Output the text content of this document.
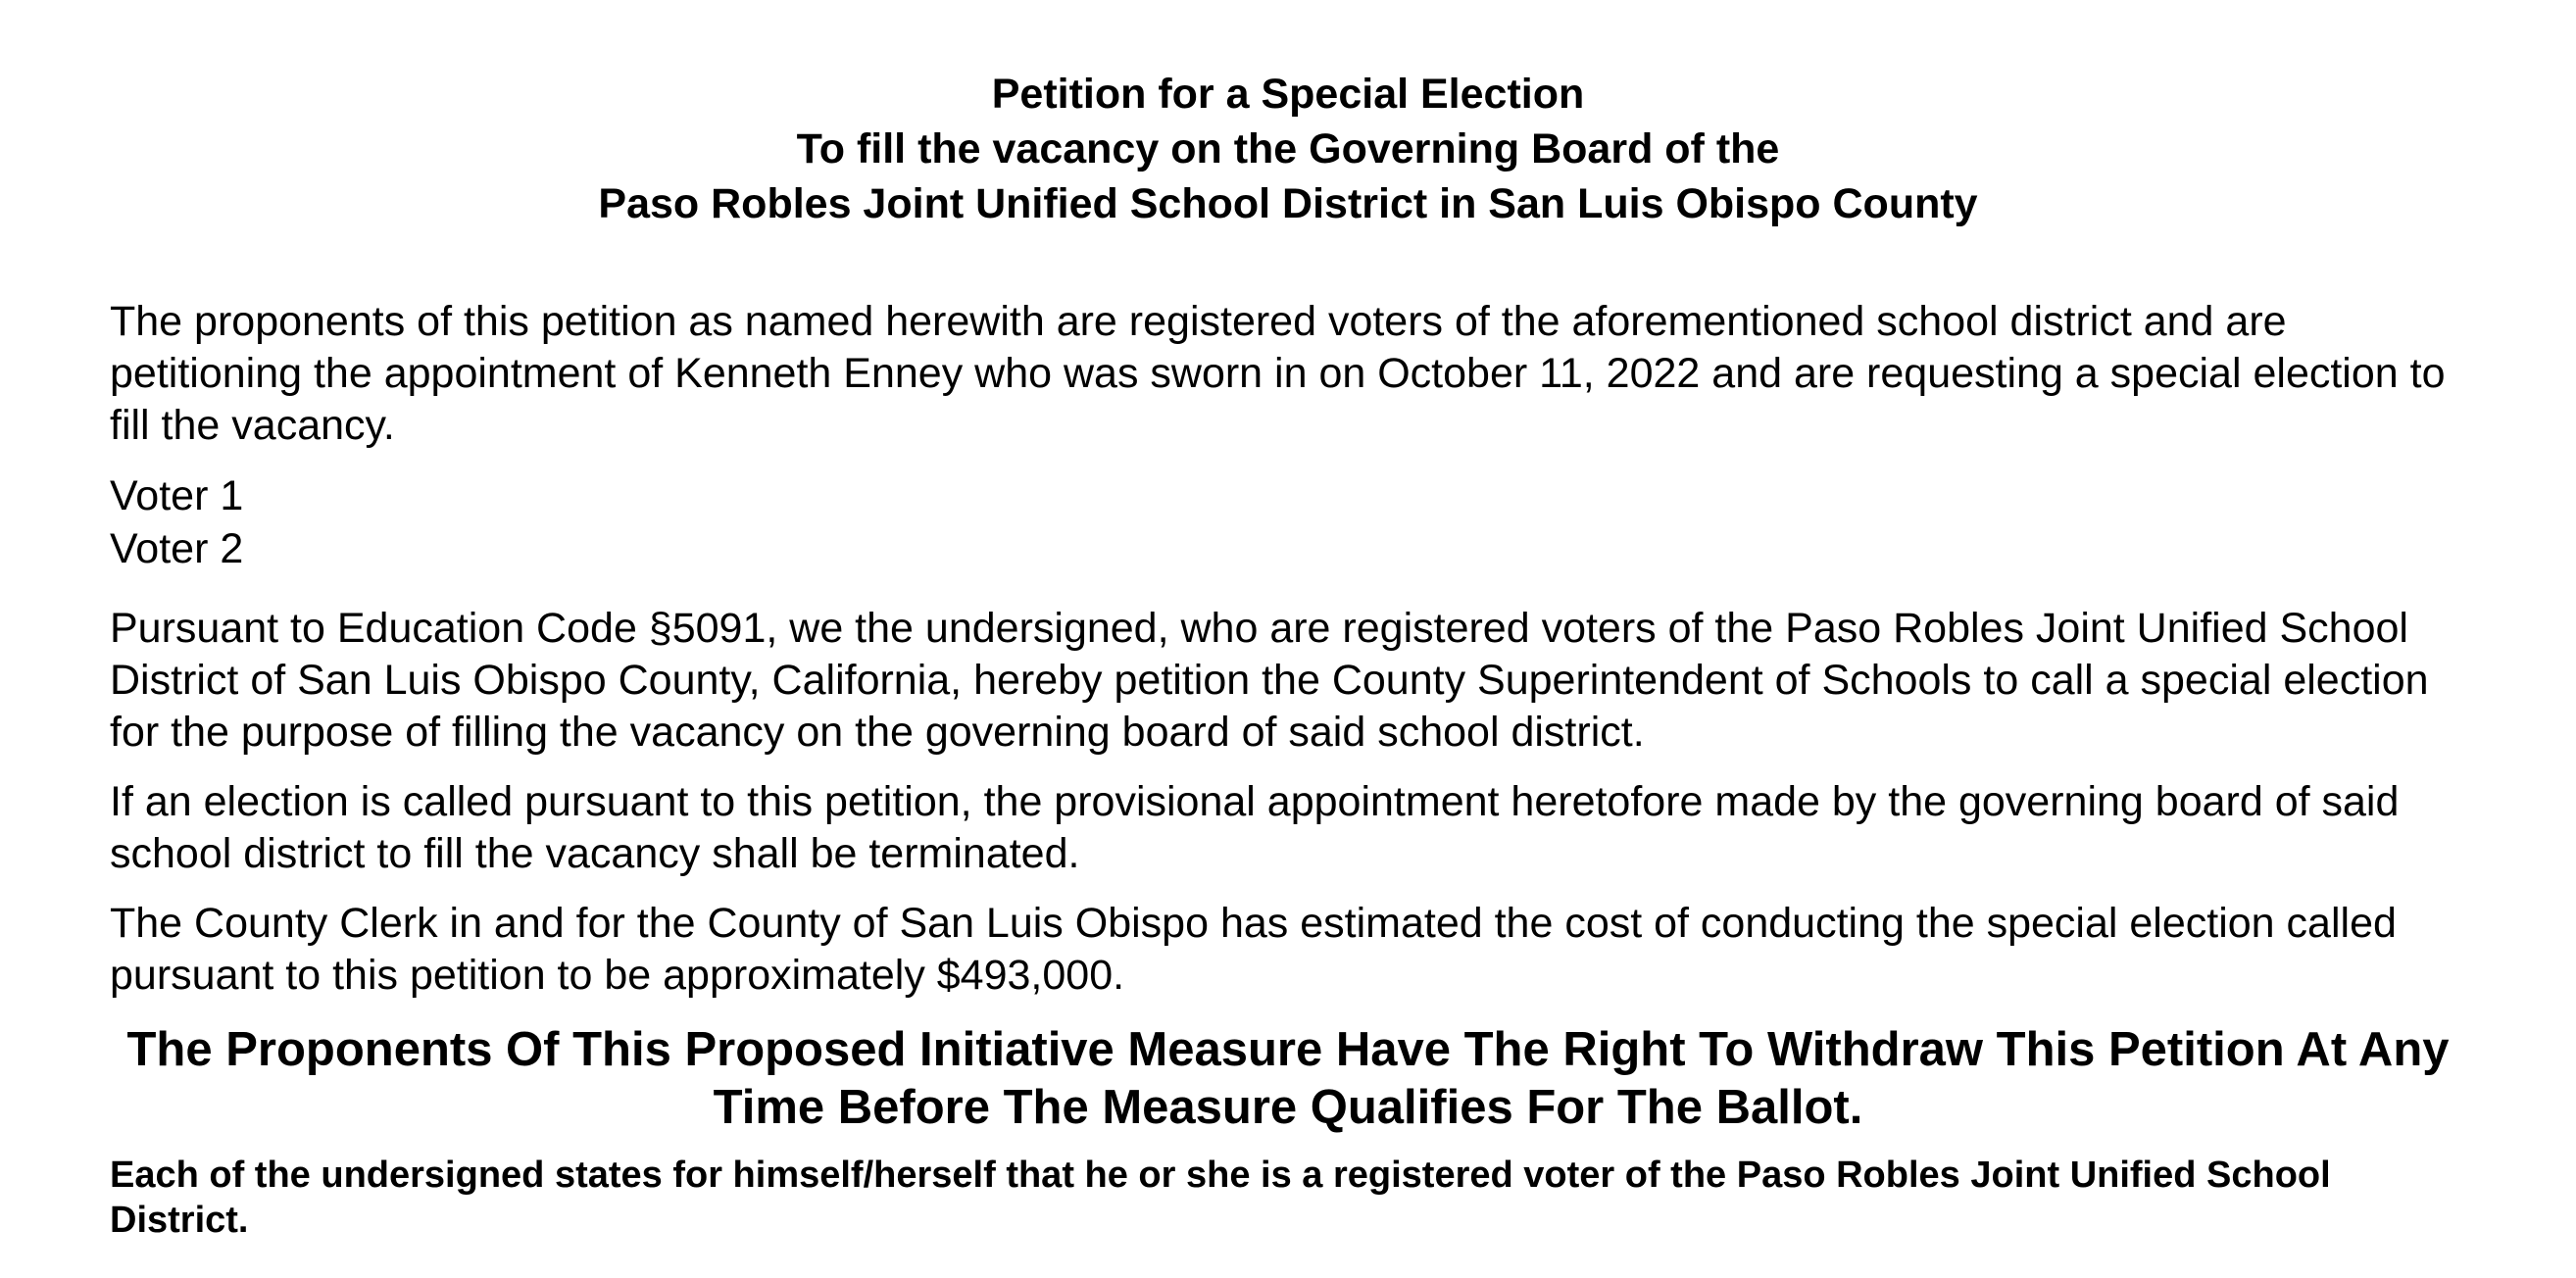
Petition for a Special Election
To fill the vacancy on the Governing Board of the
Paso Robles Joint Unified School District in San Luis Obispo County

The proponents of this petition as named herewith are registered voters of the aforementioned school district and are petitioning the appointment of Kenneth Enney who was sworn in on October 11, 2022 and are requesting a special election to fill the vacancy.

Voter 1
Voter 2

Pursuant to Education Code §5091, we the undersigned, who are registered voters of the Paso Robles Joint Unified School District of San Luis Obispo County, California, hereby petition the County Superintendent of Schools to call a special election for the purpose of filling the vacancy on the governing board of said school district.

If an election is called pursuant to this petition, the provisional appointment heretofore made by the governing board of said school district to fill the vacancy shall be terminated.

The County Clerk in and for the County of San Luis Obispo has estimated the cost of conducting the special election called pursuant to this petition to be approximately $493,000.

The Proponents Of This Proposed Initiative Measure Have The Right To Withdraw This Petition At Any Time Before The Measure Qualifies For The Ballot.

Each of the undersigned states for himself/herself that he or she is a registered voter of the Paso Robles Joint Unified School District.
